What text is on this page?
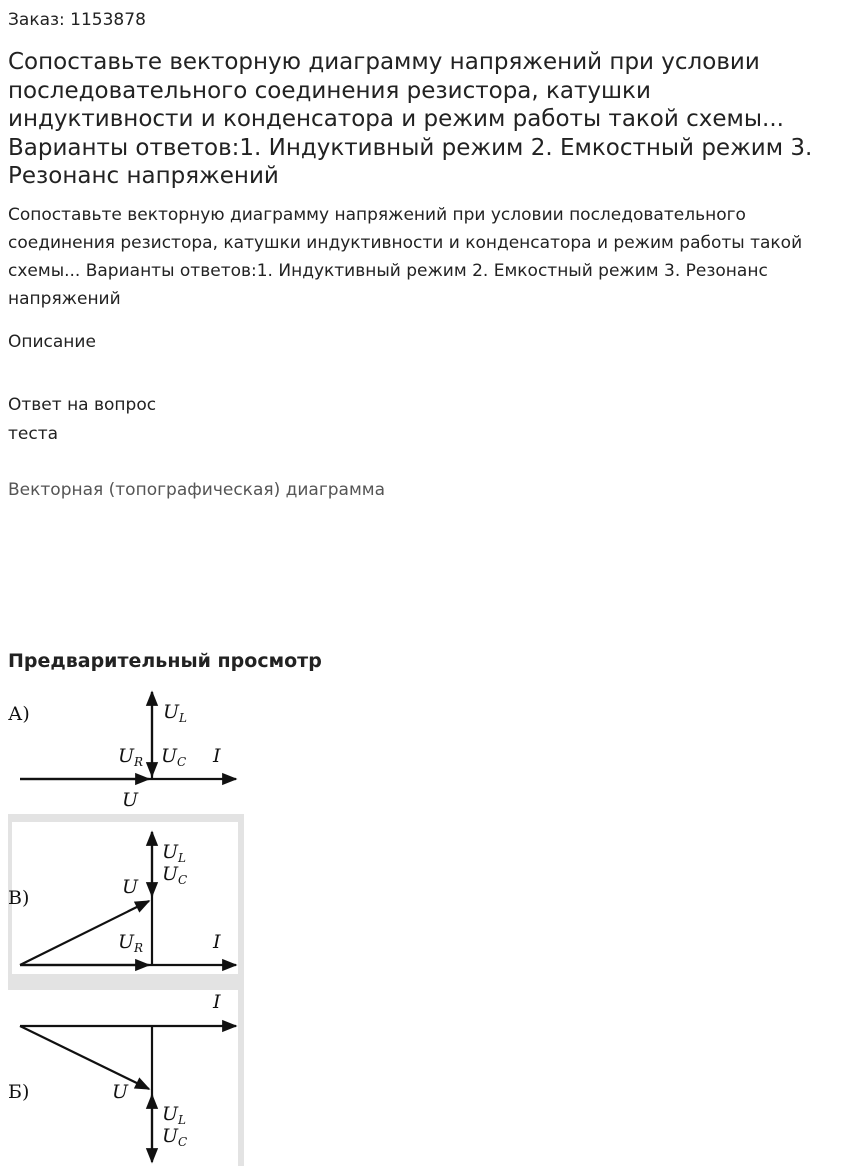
Заказ: 1153878
Сопоставьте векторную диаграмму напряжений при условии последовательного соединения резистора, катушки индуктивности и конденсатора и режим работы такой схемы... Варианты ответов:1. Индуктивный режим 2. Емкостный режим 3. Резонанс напряжений
Сопоставьте векторную диаграмму напряжений при условии последовательного соединения резистора, катушки индуктивности и конденсатора и режим работы такой схемы... Варианты ответов:1. Индуктивный режим 2. Емкостный режим 3. Резонанс напряжений
Описание
Ответ на вопрос теста
Векторная (топографическая) диаграмма
Предварительный просмотр
А)	$U_L$
$U_R$ $U_C$ I
U
В)
$U_L$
$U_C$
U
$U_R$	I
Б)
I
U
$U_L$
$U_C$
